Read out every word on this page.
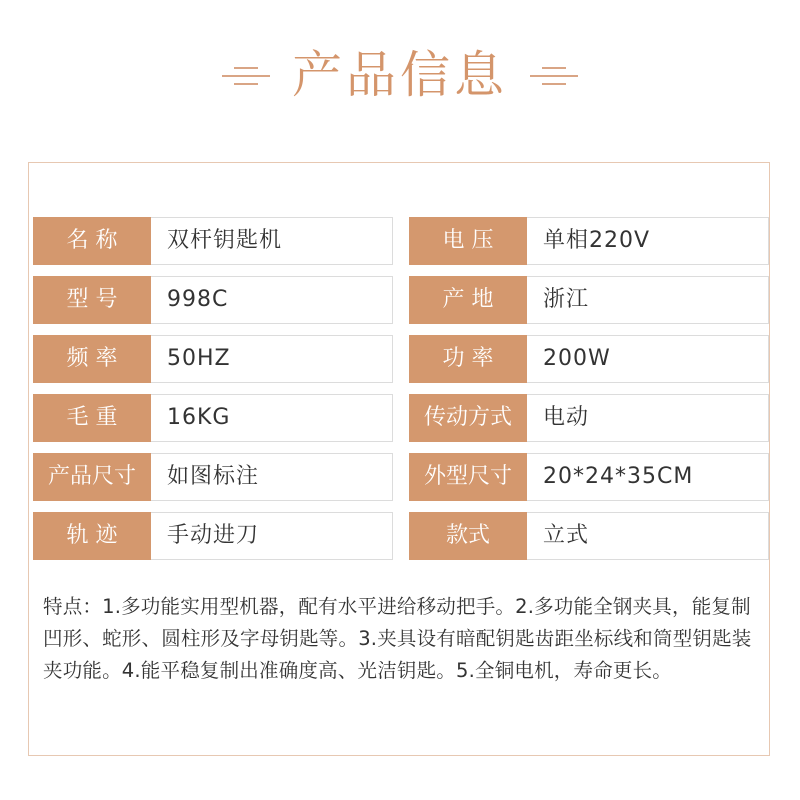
产品信息
名 称	双杆钥匙机	电 压	单相220V
型 号	998C	产 地	浙江
频 率	50HZ	功 率	200W
毛 重	16KG	传动方式	电动
产品尺寸	如图标注	外型尺寸	20*24*35CM
轨 迹	手动进刀	款式	立式
特点：1.多功能实用型机器，配有水平进给移动把手。2.多功能全钢夹具，能复制凹形、蛇形、圆柱形及字母钥匙等。3.夹具设有暗配钥匙齿距坐标线和筒型钥匙装夹功能。4.能平稳复制出准确度高、光洁钥匙。5.全铜电机，寿命更长。
